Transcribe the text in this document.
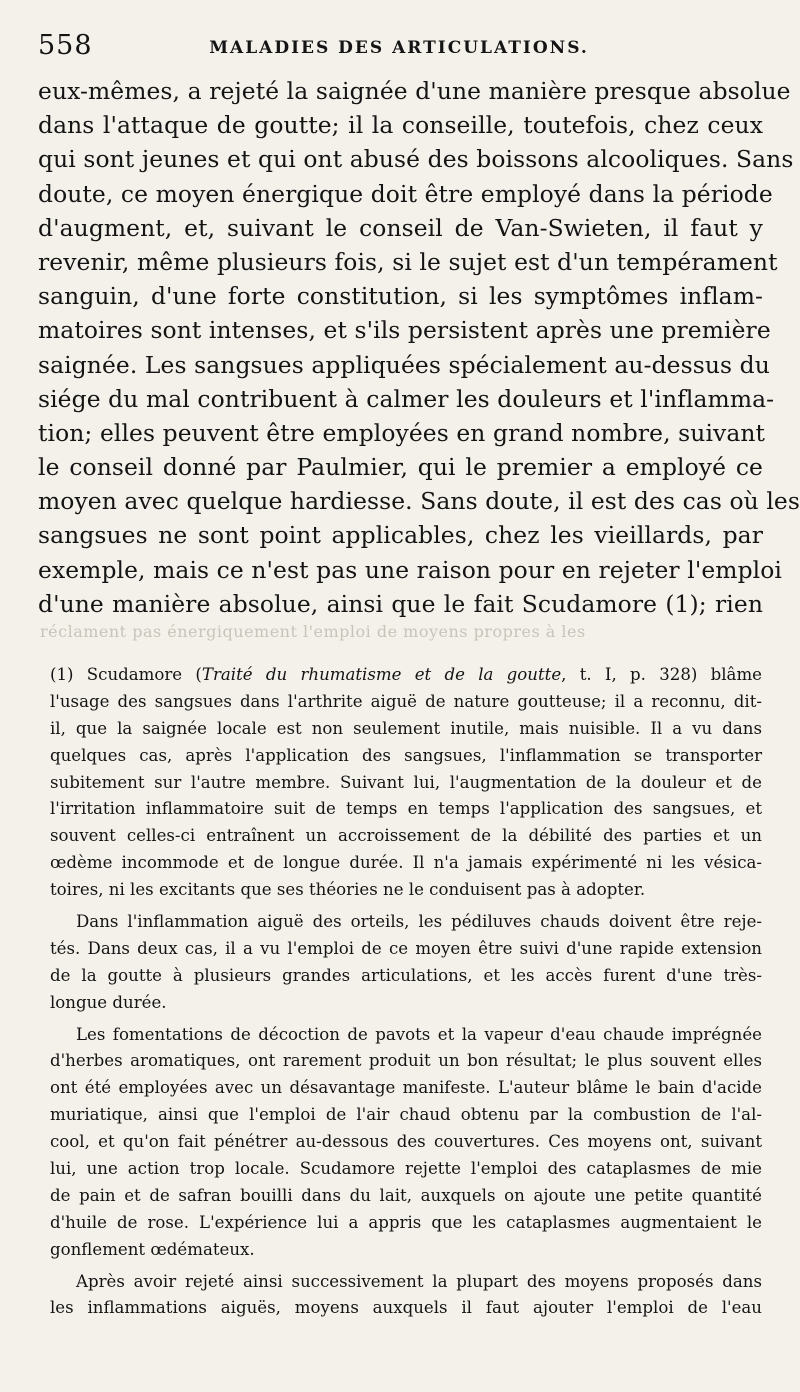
558	MALADIES DES ARTICULATIONS.
eux-mêmes, a rejeté la saignée d'une manière presque absolue
dans l'attaque de goutte; il la conseille, toutefois, chez ceux
qui sont jeunes et qui ont abusé des boissons alcooliques. Sans
doute, ce moyen énergique doit être employé dans la période
d'augment, et, suivant le conseil de Van-Swieten, il faut y
revenir, même plusieurs fois, si le sujet est d'un tempérament
sanguin, d'une forte constitution, si les symptômes inflam-
matoires sont intenses, et s'ils persistent après une première
saignée. Les sangsues appliquées spécialement au-dessus du
siége du mal contribuent à calmer les douleurs et l'inflamma-
tion; elles peuvent être employées en grand nombre, suivant
le conseil donné par Paulmier, qui le premier a employé ce
moyen avec quelque hardiesse. Sans doute, il est des cas où les
sangsues ne sont point applicables, chez les vieillards, par
exemple, mais ce n'est pas une raison pour en rejeter l'emploi
d'une manière absolue, ainsi que le fait Scudamore (1); rien
réclament pas énergiquement l'emploi de moyens propres à les
(1) Scudamore (Traité du rhumatisme et de la goutte, t. I, p. 328) blâme
l'usage des sangsues dans l'arthrite aiguë de nature goutteuse; il a reconnu, dit-
il, que la saignée locale est non seulement inutile, mais nuisible. Il a vu dans
quelques cas, après l'application des sangsues, l'inflammation se transporter
subitement sur l'autre membre. Suivant lui, l'augmentation de la douleur et de
l'irritation inflammatoire suit de temps en temps l'application des sangsues, et
souvent celles-ci entraînent un accroissement de la débilité des parties et un
œdème incommode et de longue durée. Il n'a jamais expérimenté ni les vésica-
toires, ni les excitants que ses théories ne le conduisent pas à adopter.
Dans l'inflammation aiguë des orteils, les pédiluves chauds doivent être reje-
tés. Dans deux cas, il a vu l'emploi de ce moyen être suivi d'une rapide extension
de la goutte à plusieurs grandes articulations, et les accès furent d'une très-
longue durée.
Les fomentations de décoction de pavots et la vapeur d'eau chaude imprégnée
d'herbes aromatiques, ont rarement produit un bon résultat; le plus souvent elles
ont été employées avec un désavantage manifeste. L'auteur blâme le bain d'acide
muriatique, ainsi que l'emploi de l'air chaud obtenu par la combustion de l'al-
cool, et qu'on fait pénétrer au-dessous des couvertures. Ces moyens ont, suivant
lui, une action trop locale. Scudamore rejette l'emploi des cataplasmes de mie
de pain et de safran bouilli dans du lait, auxquels on ajoute une petite quantité
d'huile de rose. L'expérience lui a appris que les cataplasmes augmentaient le
gonflement œdémateux.
Après avoir rejeté ainsi successivement la plupart des moyens proposés dans
les inflammations aiguës, moyens auxquels il faut ajouter l'emploi de l'eau
